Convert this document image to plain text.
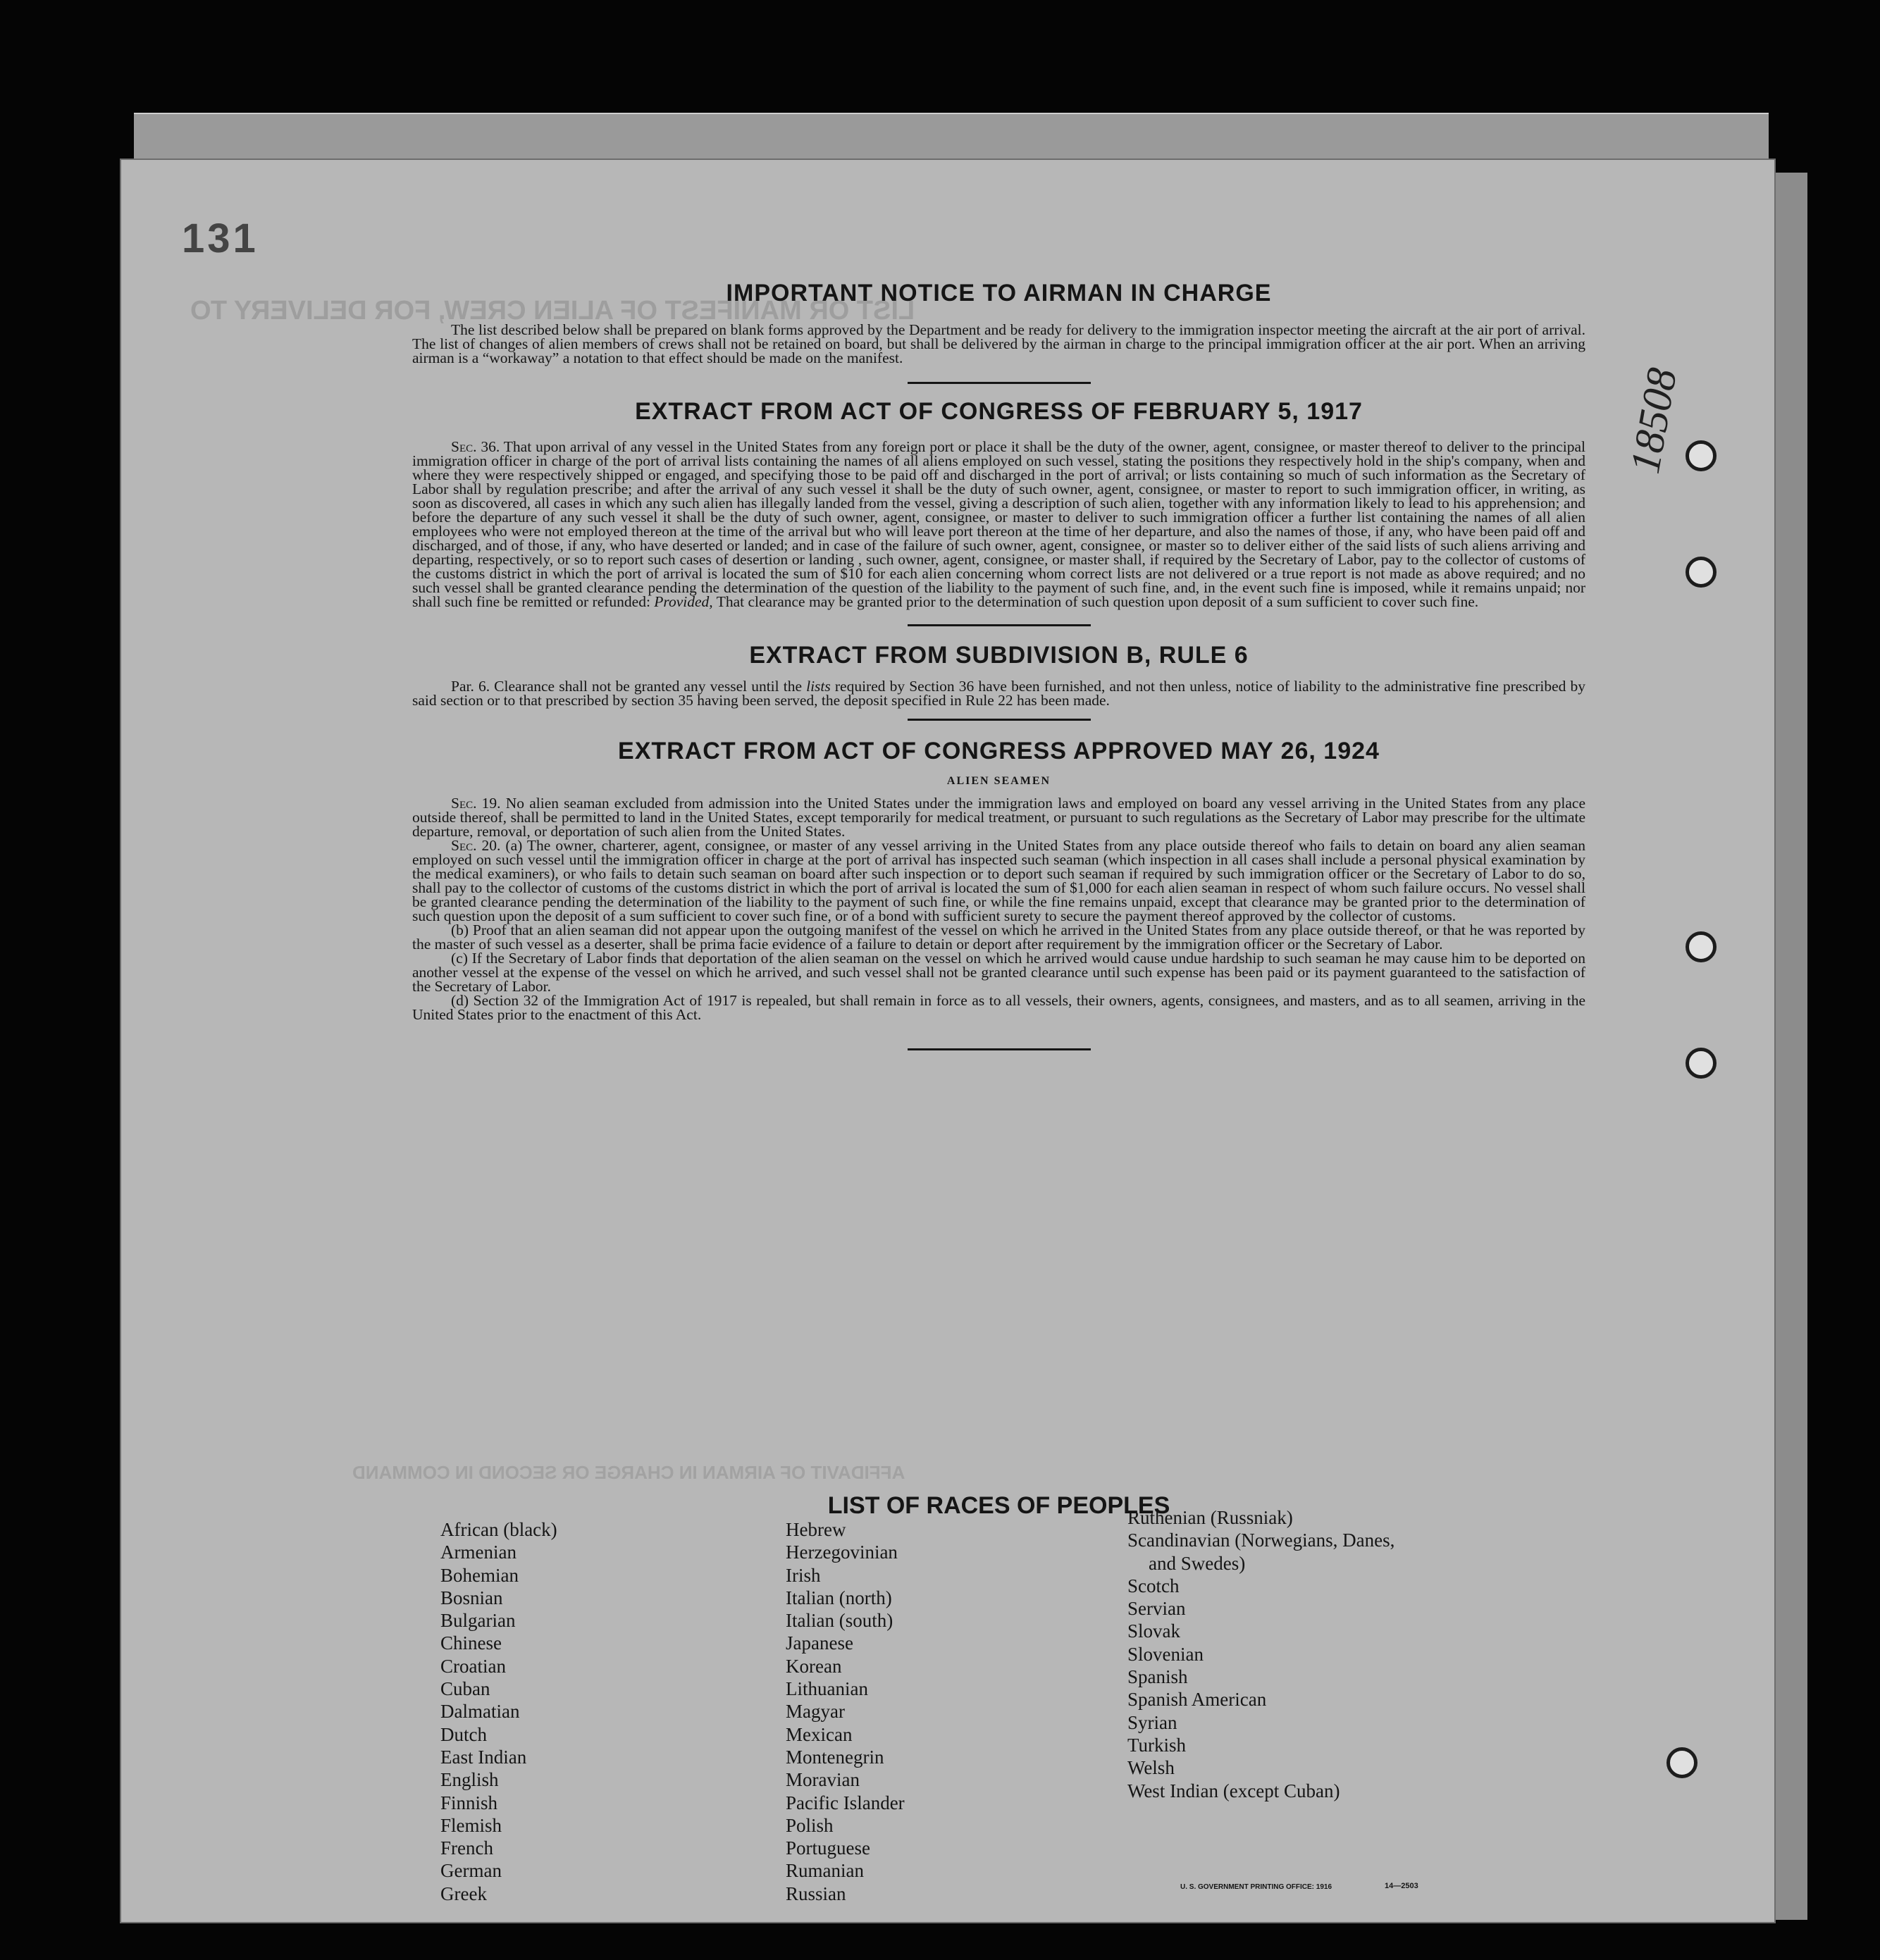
131
LIST OR MANIFEST OF ALIEN CREW, FOR DELIVERY TO
AFFIDAVIT OF AIRMAN IN CHARGE OR SECOND IN COMMAND
18508
IMPORTANT NOTICE TO AIRMAN IN CHARGE

The list described below shall be prepared on blank forms approved by the Department and be ready for delivery to the immigration inspector meeting the aircraft at the air port of arrival. The list of changes of alien members of crews shall not be retained on board, but shall be delivered by the airman in charge to the principal immigration officer at the air port. When an arriving airman is a “workaway” a notation to that effect should be made on the manifest.

EXTRACT FROM ACT OF CONGRESS OF FEBRUARY 5, 1917

Sec. 36. That upon arrival of any vessel in the United States from any foreign port or place it shall be the duty of the owner, agent, consignee, or master thereof to deliver to the principal immigration officer in charge of the port of arrival lists containing the names of all aliens employed on such vessel, stating the positions they respectively hold in the ship's company, when and where they were respectively shipped or engaged, and specifying those to be paid off and discharged in the port of arrival; or lists containing so much of such information as the Secretary of Labor shall by regulation prescribe; and after the arrival of any such vessel it shall be the duty of such owner, agent, consignee, or master to report to such immigration officer, in writing, as soon as discovered, all cases in which any such alien has illegally landed from the vessel, giving a description of such alien, together with any information likely to lead to his apprehension; and before the departure of any such vessel it shall be the duty of such owner, agent, consignee, or master to deliver to such immigration officer a further list containing the names of all alien employees who were not employed thereon at the time of the arrival but who will leave port thereon at the time of her departure, and also the names of those, if any, who have been paid off and discharged, and of those, if any, who have deserted or landed; and in case of the failure of such owner, agent, consignee, or master so to deliver either of the said lists of such aliens arriving and departing, respectively, or so to report such cases of desertion or landing , such owner, agent, consignee, or master shall, if required by the Secretary of Labor, pay to the collector of customs of the customs district in which the port of arrival is located the sum of $10 for each alien concerning whom correct lists are not delivered or a true report is not made as above required; and no such vessel shall be granted clearance pending the determination of the question of the liability to the payment of such fine, and, in the event such fine is imposed, while it remains unpaid; nor shall such fine be remitted or refunded: Provided, That clearance may be granted prior to the determination of such question upon deposit of a sum sufficient to cover such fine.

EXTRACT FROM SUBDIVISION B, RULE 6

Par. 6. Clearance shall not be granted any vessel until the lists required by Section 36 have been furnished, and not then unless, notice of liability to the administrative fine prescribed by said section or to that prescribed by section 35 having been served, the deposit specified in Rule 22 has been made.

EXTRACT FROM ACT OF CONGRESS APPROVED MAY 26, 1924
ALIEN SEAMEN

Sec. 19. No alien seaman excluded from admission into the United States under the immigration laws and employed on board any vessel arriving in the United States from any place outside thereof, shall be permitted to land in the United States, except temporarily for medical treatment, or pursuant to such regulations as the Secretary of Labor may prescribe for the ultimate departure, removal, or deportation of such alien from the United States.

Sec. 20. (a) The owner, charterer, agent, consignee, or master of any vessel arriving in the United States from any place outside thereof who fails to detain on board any alien seaman employed on such vessel until the immigration officer in charge at the port of arrival has inspected such seaman (which inspection in all cases shall include a personal physical examination by the medical examiners), or who fails to detain such seaman on board after such inspection or to deport such seaman if required by such immigration officer or the Secretary of Labor to do so, shall pay to the collector of customs of the customs district in which the port of arrival is located the sum of $1,000 for each alien seaman in respect of whom such failure occurs. No vessel shall be granted clearance pending the determination of the liability to the payment of such fine, or while the fine remains unpaid, except that clearance may be granted prior to the determination of such question upon the deposit of a sum sufficient to cover such fine, or of a bond with sufficient surety to secure the payment thereof approved by the collector of customs.

(b) Proof that an alien seaman did not appear upon the outgoing manifest of the vessel on which he arrived in the United States from any place outside thereof, or that he was reported by the master of such vessel as a deserter, shall be prima facie evidence of a failure to detain or deport after requirement by the immigration officer or the Secretary of Labor.

(c) If the Secretary of Labor finds that deportation of the alien seaman on the vessel on which he arrived would cause undue hardship to such seaman he may cause him to be deported on another vessel at the expense of the vessel on which he arrived, and such vessel shall not be granted clearance until such expense has been paid or its payment guaranteed to the satisfaction of the Secretary of Labor.

(d) Section 32 of the Immigration Act of 1917 is repealed, but shall remain in force as to all vessels, their owners, agents, consignees, and masters, and as to all seamen, arriving in the United States prior to the enactment of this Act.

LIST OF RACES OF PEOPLES
African (black)
Armenian
Bohemian
Bosnian
Bulgarian
Chinese
Croatian
Cuban
Dalmatian
Dutch
East Indian
English
Finnish
Flemish
French
German
Greek
Hebrew
Herzegovinian
Irish
Italian (north)
Italian (south)
Japanese
Korean
Lithuanian
Magyar
Mexican
Montenegrin
Moravian
Pacific Islander
Polish
Portuguese
Rumanian
Russian
Ruthenian (Russniak)
Scandinavian (Norwegians, Danes,
and Swedes)
Scotch
Servian
Slovak
Slovenian
Spanish
Spanish American
Syrian
Turkish
Welsh
West Indian (except Cuban)
U. S. GOVERNMENT PRINTING OFFICE: 1916	14—2503
